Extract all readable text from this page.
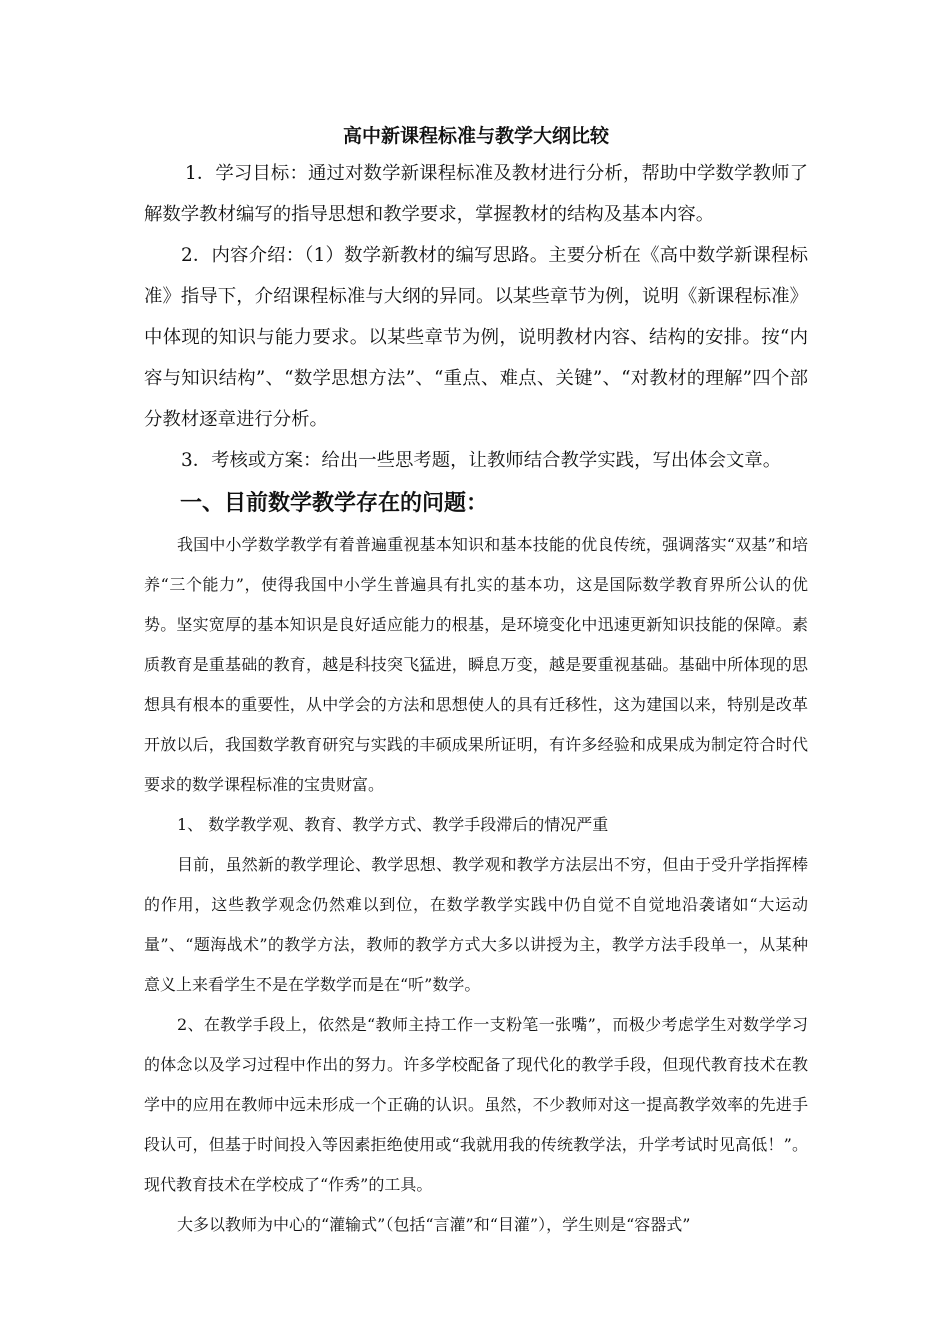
高中新课程标准与教学大纲比较

1．学习目标：通过对数学新课程标准及教材进行分析，帮助中学数学教师了解数学教材编写的指导思想和教学要求，掌握教材的结构及基本内容。

2．内容介绍：（1）数学新教材的编写思路。主要分析在《高中数学新课程标准》指导下，介绍课程标准与大纲的异同。以某些章节为例，说明《新课程标准》中体现的知识与能力要求。以某些章节为例，说明教材内容、结构的安排。按“内容与知识结构”、“数学思想方法”、“重点、难点、关键”、“对教材的理解”四个部分教材逐章进行分析。

3．考核或方案：给出一些思考题，让教师结合教学实践，写出体会文章。

一、目前数学教学存在的问题：

我国中小学数学教学有着普遍重视基本知识和基本技能的优良传统，强调落实“双基”和培养“三个能力”，使得我国中小学生普遍具有扎实的基本功，这是国际数学教育界所公认的优势。坚实宽厚的基本知识是良好适应能力的根基，是环境变化中迅速更新知识技能的保障。素质教育是重基础的教育，越是科技突飞猛进，瞬息万变，越是要重视基础。基础中所体现的思想具有根本的重要性，从中学会的方法和思想使人的具有迁移性，这为建国以来，特别是改革开放以后，我国数学教育研究与实践的丰硕成果所证明，有许多经验和成果成为制定符合时代要求的数学课程标准的宝贵财富。

1、 数学教学观、教育、教学方式、教学手段滞后的情况严重

目前，虽然新的教学理论、教学思想、教学观和教学方法层出不穷，但由于受升学指挥棒的作用，这些教学观念仍然难以到位，在数学教学实践中仍自觉不自觉地沿袭诸如“大运动量”、“题海战术”的教学方法，教师的教学方式大多以讲授为主，教学方法手段单一，从某种意义上来看学生不是在学数学而是在“听”数学。

2、在教学手段上，依然是“教师主持工作一支粉笔一张嘴”，而极少考虑学生对数学学习的体念以及学习过程中作出的努力。许多学校配备了现代化的教学手段，但现代教育技术在教学中的应用在教师中远未形成一个正确的认识。虽然，不少教师对这一提高教学效率的先进手段认可，但基于时间投入等因素拒绝使用或“我就用我的传统教学法，升学考试时见高低！”。现代教育技术在学校成了“作秀”的工具。

大多以教师为中心的“灌输式”（包括“言灌”和“目灌”），学生则是“容器式”
